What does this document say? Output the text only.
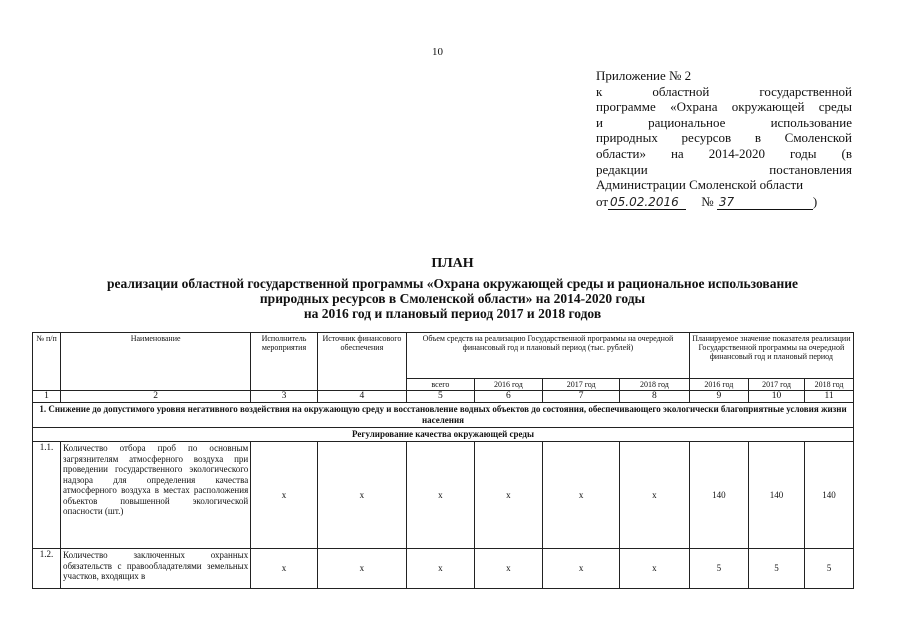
10
Приложение № 2
к областной государственной
программе «Охрана окружающей среды
и рациональное использование
природных ресурсов в Смоленской
области» на 2014-2020 годы (в
редакции постановления
Администрации Смоленской области
от 05.02.2016 № 37	)
ПЛАН
реализации областной государственной программы «Охрана окружающей среды и рациональное использование
природных ресурсов в Смоленской области» на 2014-2020 годы
на 2016 год и плановый период 2017 и 2018 годов
№ п/п	Наименование	Исполнитель мероприятия	Источник финансового обеспечения	Объем средств на реализацию Государственной программы на очередной финансовый год и плановый период (тыс. рублей)				Планируемое значение показателя реализации Государственной программы на очередной финансовый год и плановый период		
				всего	2016 год	2017 год	2018 год	2016 год	2017 год	2018 год
1	2	3	4	5	6	7	8	9	10	11
1. Снижение до допустимого уровня негативного воздействия на окружающую среду и восстановление водных объектов до состояния, обеспечивающего экологически благоприятные условия жизни населения										
Регулирование качества окружающей среды										
1.1.	Количество отбора проб по основным загрязнителям атмосферного воздуха при проведении государственного экологического надзора для определения качества атмосферного воздуха в местах расположения объектов повышенной экологической опасности (шт.)	х	х	х	х	х	х	140	140	140
1.2.	Количество заключенных охранных обязательств с правообладателями земельных участков, входящих в	х	х	х	х	х	х	5	5	5
